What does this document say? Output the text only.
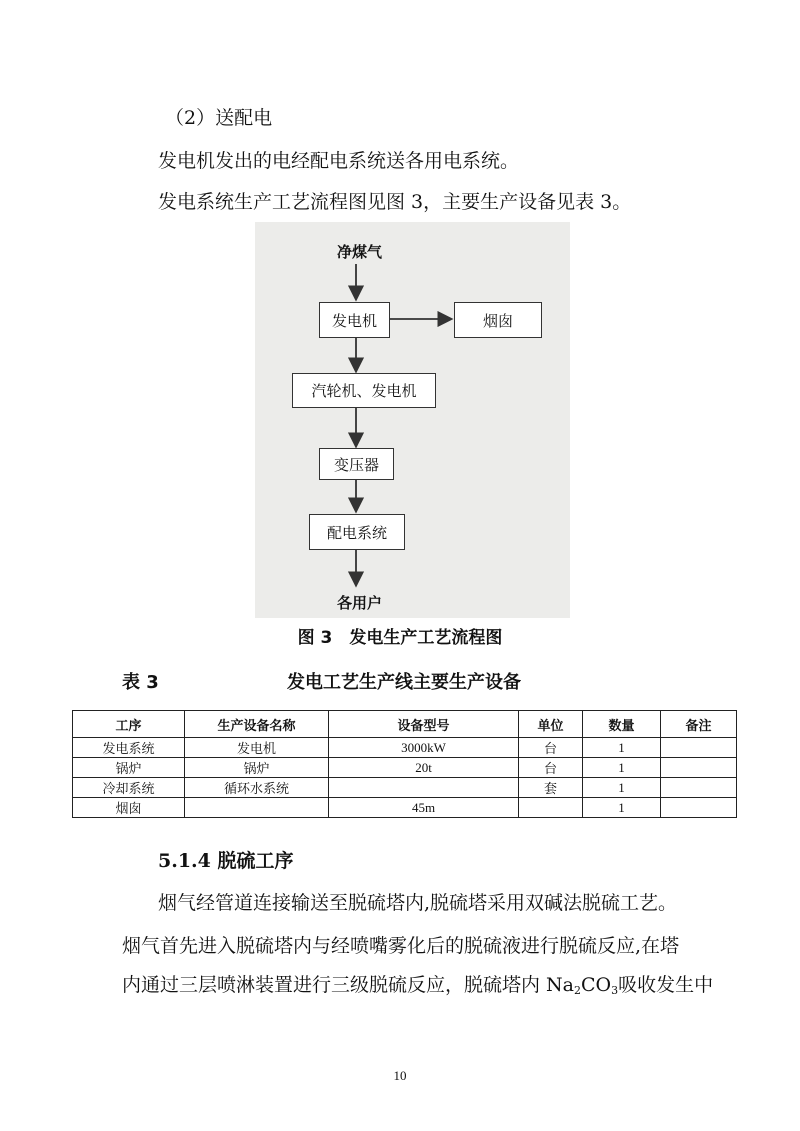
（2）送配电

发电机发出的电经配电系统送各用电系统。

发电系统生产工艺流程图见图 3，主要生产设备见表 3。

净煤气
发电机	烟囱
汽轮机、发电机
变压器
配电系统
各用户
图 3　发电生产工艺流程图
表 3	发电工艺生产线主要生产设备
工序	生产设备名称	设备型号	单位	数量	备注
发电系统	发电机	3000kW	台	1	
锅炉	锅炉	20t	台	1	
冷却系统	循环水系统		套	1	
烟囱		45m		1	
5.1.4 脱硫工序

烟气经管道连接输送至脱硫塔内,脱硫塔采用双碱法脱硫工艺。

烟气首先进入脱硫塔内与经喷嘴雾化后的脱硫液进行脱硫反应,在塔

内通过三层喷淋装置进行三级脱硫反应，脱硫塔内 $Na_2CO_3$吸收发生中

10
